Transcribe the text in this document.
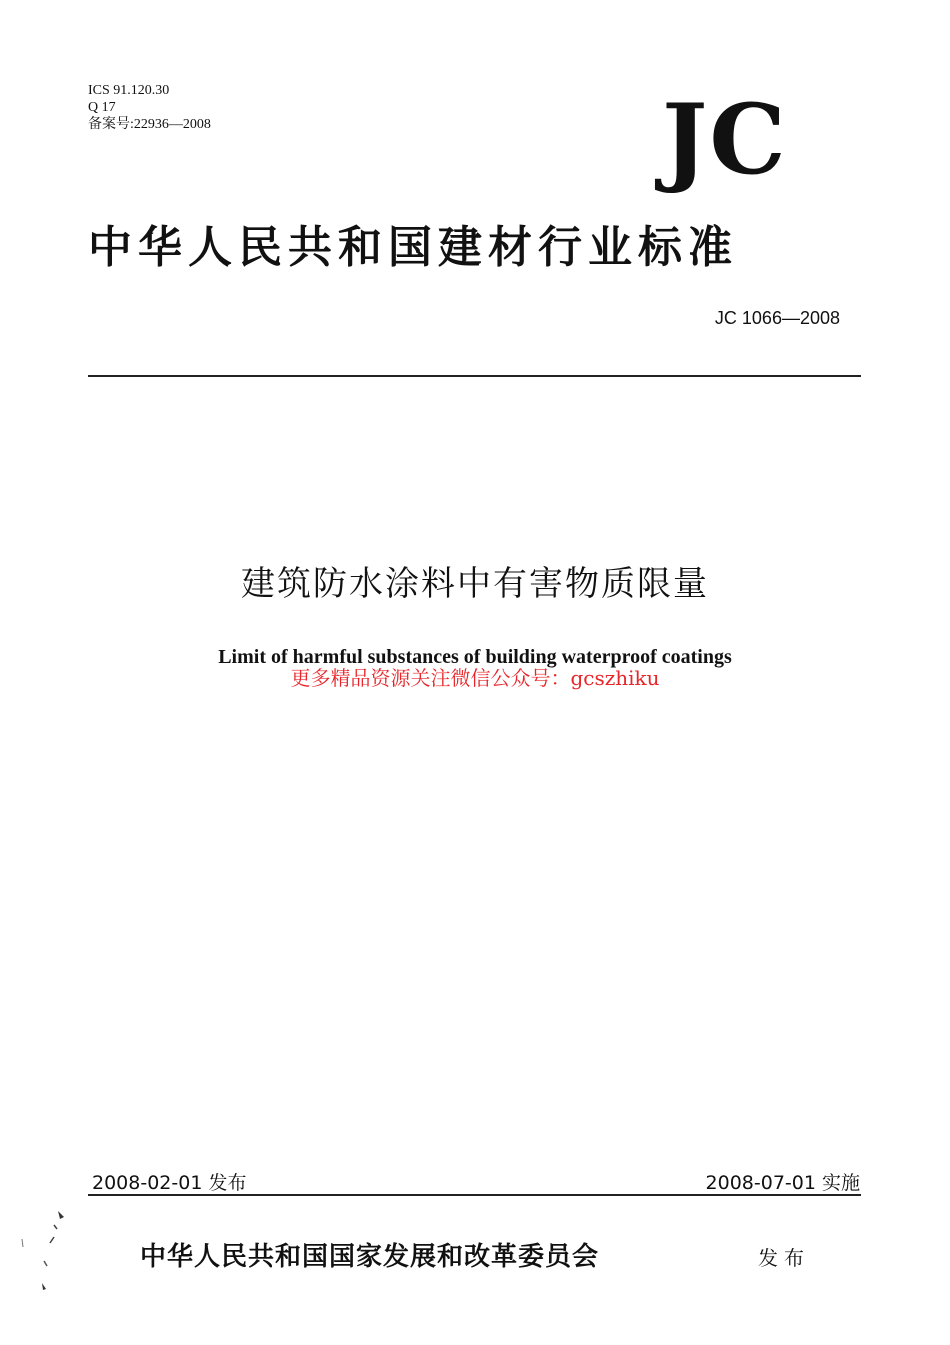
ICS 91.120.30
Q 17
备案号:22936—2008	JC
中华人民共和国建材行业标准
JC 1066—2008
建筑防水涂料中有害物质限量
Limit of harmful substances of building waterproof coatings
更多精品资源关注微信公众号：gcszhiku
2008-02-01 发布	2008-07-01 实施
中华人民共和国国家发展和改革委员会	发布
